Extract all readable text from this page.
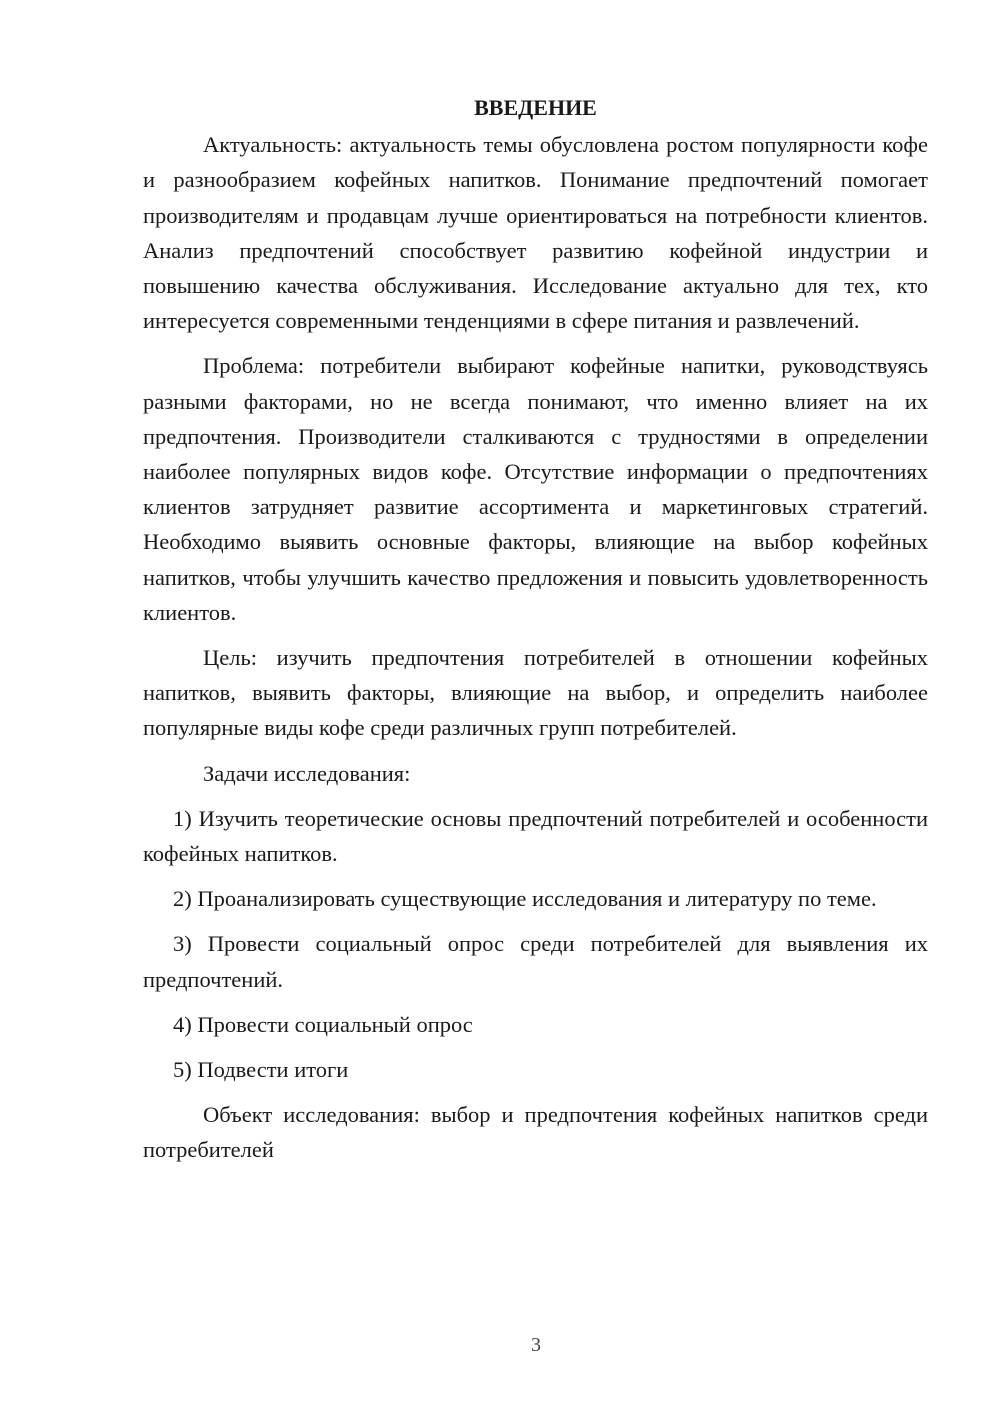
ВВЕДЕНИЕ

Актуальность: актуальность темы обусловлена ростом популярности кофе и разнообразием кофейных напитков. Понимание предпочтений помогает производителям и продавцам лучше ориентироваться на потребности клиентов. Анализ предпочтений способствует развитию кофейной индустрии и повышению качества обслуживания. Исследование актуально для тех, кто интересуется современными тенденциями в сфере питания и развлечений.

Проблема: потребители выбирают кофейные напитки, руководствуясь разными факторами, но не всегда понимают, что именно влияет на их предпочтения. Производители сталкиваются с трудностями в определении наиболее популярных видов кофе. Отсутствие информации о предпочтениях клиентов затрудняет развитие ассортимента и маркетинговых стратегий. Необходимо выявить основные факторы, влияющие на выбор кофейных напитков, чтобы улучшить качество предложения и повысить удовлетворенность клиентов.

Цель: изучить предпочтения потребителей в отношении кофейных напитков, выявить факторы, влияющие на выбор, и определить наиболее популярные виды кофе среди различных групп потребителей.

Задачи исследования:

1) Изучить теоретические основы предпочтений потребителей и особенности кофейных напитков.

2) Проанализировать существующие исследования и литературу по теме.

3) Провести социальный опрос среди потребителей для выявления их предпочтений.

4) Провести социальный опрос

5) Подвести итоги

Объект исследования: выбор и предпочтения кофейных напитков среди потребителей

3
